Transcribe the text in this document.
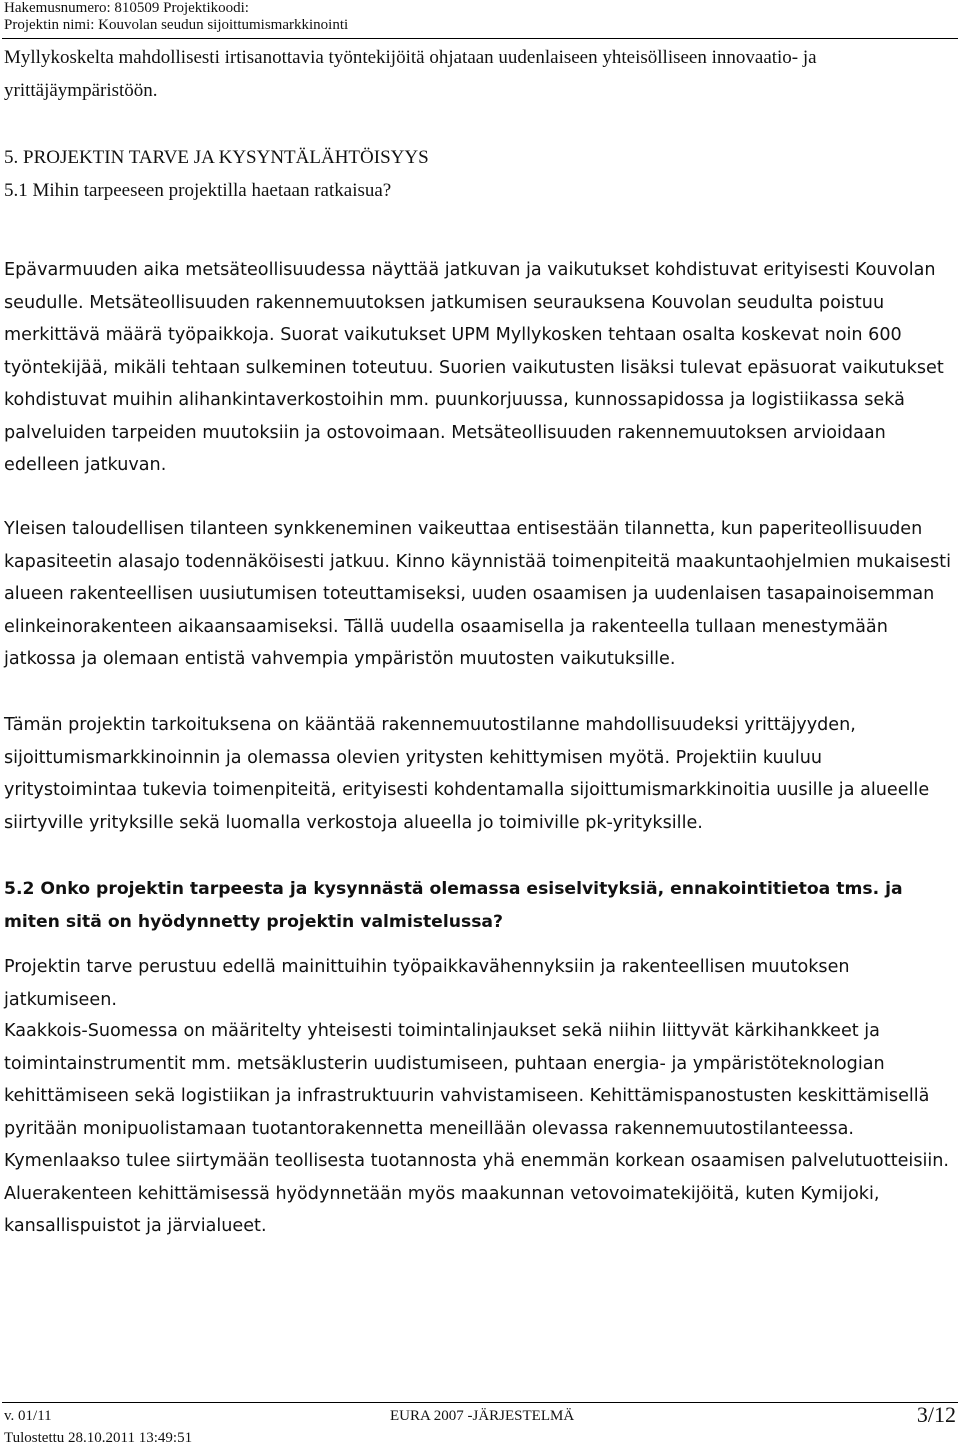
Hakemusnumero: 810509 Projektikoodi:
Projektin nimi: Kouvolan seudun sijoittumismarkkinointi

Myllykoskelta mahdollisesti irtisanottavia työntekijöitä ohjataan uudenlaiseen yhteisölliseen innovaatio- ja yrittäjäympäristöön.

5. PROJEKTIN TARVE JA KYSYNTÄLÄHTÖISYYS
5.1 Mihin tarpeeseen projektilla haetaan ratkaisua?

Epävarmuuden aika metsäteollisuudessa näyttää jatkuvan ja vaikutukset kohdistuvat erityisesti Kouvolan seudulle. Metsäteollisuuden rakennemuutoksen jatkumisen seurauksena Kouvolan seudulta poistuu merkittävä määrä työpaikkoja. Suorat vaikutukset UPM Myllykosken tehtaan osalta koskevat noin 600 työntekijää, mikäli tehtaan sulkeminen toteutuu. Suorien vaikutusten lisäksi tulevat epäsuorat vaikutukset kohdistuvat muihin alihankintaverkostoihin mm. puunkorjuussa, kunnossapidossa ja logistiikassa sekä palveluiden tarpeiden muutoksiin ja ostovoimaan. Metsäteollisuuden rakennemuutoksen arvioidaan edelleen jatkuvan.

Yleisen taloudellisen tilanteen synkkeneminen vaikeuttaa entisestään tilannetta, kun paperiteollisuuden kapasiteetin alasajo todennäköisesti jatkuu. Kinno käynnistää toimenpiteitä maakuntaohjelmien mukaisesti alueen rakenteellisen uusiutumisen toteuttamiseksi, uuden osaamisen ja uudenlaisen tasapainoisemman elinkeinorakenteen aikaansaamiseksi. Tällä uudella osaamisella ja rakenteella tullaan menestymään jatkossa ja olemaan entistä vahvempia ympäristön muutosten vaikutuksille.

Tämän projektin tarkoituksena on kääntää rakennemuutostilanne mahdollisuudeksi yrittäjyyden, sijoittumismarkkinoinnin ja olemassa olevien yritysten kehittymisen myötä. Projektiin kuuluu yritystoimintaa tukevia toimenpiteitä, erityisesti kohdentamalla sijoittumismarkkinoitia uusille ja alueelle siirtyville yrityksille sekä luomalla verkostoja alueella jo toimiville pk-yrityksille.

5.2 Onko projektin tarpeesta ja kysynnästä olemassa esiselvityksiä, ennakointitietoa tms. ja miten sitä on hyödynnetty projektin valmistelussa?

Projektin tarve perustuu edellä mainittuihin työpaikkavähennyksiin ja rakenteellisen muutoksen jatkumiseen.

Kaakkois-Suomessa on määritelty yhteisesti toimintalinjaukset sekä niihin liittyvät kärkihankkeet ja toimintainstrumentit mm. metsäklusterin uudistumiseen, puhtaan energia- ja ympäristöteknologian kehittämiseen sekä logistiikan ja infrastruktuurin vahvistamiseen. Kehittämispanostusten keskittämisellä pyritään monipuolistamaan tuotantorakennetta meneillään olevassa rakennemuutostilanteessa. Kymenlaakso tulee siirtymään teollisesta tuotannosta yhä enemmän korkean osaamisen palvelutuotteisiin. Aluerakenteen kehittämisessä hyödynnetään myös maakunnan vetovoimatekijöitä, kuten Kymijoki, kansallispuistot ja järvialueet.

v. 01/11
Tulostettu 28.10.2011 13:49:51
EURA 2007 -JÄRJESTELMÄ	3/12
